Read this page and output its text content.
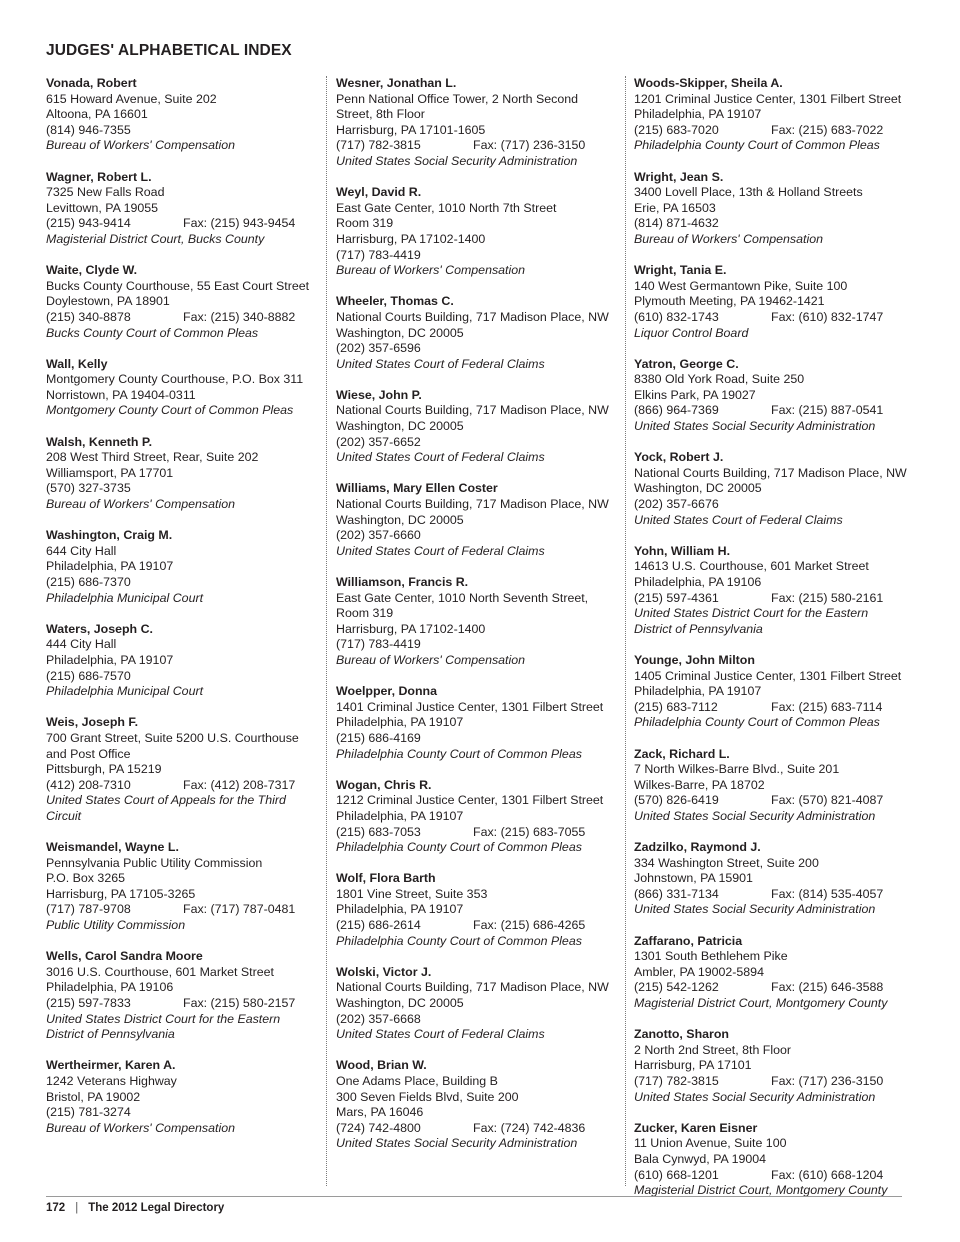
JUDGES' ALPHABETICAL INDEX
Vonada, Robert
615 Howard Avenue, Suite 202
Altoona, PA 16601
(814) 946-7355
Bureau of Workers' Compensation
Wagner, Robert L.
7325 New Falls Road
Levittown, PA 19055
(215) 943-9414	Fax: (215) 943-9454
Magisterial District Court, Bucks County
Waite, Clyde W.
Bucks County Courthouse, 55 East Court Street
Doylestown, PA 18901
(215) 340-8878	Fax: (215) 340-8882
Bucks County Court of Common Pleas
Wall, Kelly
Montgomery County Courthouse, P.O. Box 311
Norristown, PA 19404-0311
Montgomery County Court of Common Pleas
Walsh, Kenneth P.
208 West Third Street, Rear, Suite 202
Williamsport, PA 17701
(570) 327-3735
Bureau of Workers' Compensation
Washington, Craig M.
644 City Hall
Philadelphia, PA 19107
(215) 686-7370
Philadelphia Municipal Court
Waters, Joseph C.
444 City Hall
Philadelphia, PA 19107
(215) 686-7570
Philadelphia Municipal Court
Weis, Joseph F.
700 Grant Street, Suite 5200 U.S. Courthouse
and Post Office
Pittsburgh, PA 15219
(412) 208-7310	Fax: (412) 208-7317
United States Court of Appeals for the Third Circuit
Weismandel, Wayne L.
Pennsylvania Public Utility Commission
P.O. Box 3265
Harrisburg, PA 17105-3265
(717) 787-9708	Fax: (717) 787-0481
Public Utility Commission
Wells, Carol Sandra Moore
3016 U.S. Courthouse, 601 Market Street
Philadelphia, PA 19106
(215) 597-7833	Fax: (215) 580-2157
United States District Court for the Eastern District of Pennsylvania
Wertheirmer, Karen A.
1242 Veterans Highway
Bristol, PA 19002
(215) 781-3274
Bureau of Workers' Compensation
Wesner, Jonathan L.
Penn National Office Tower, 2 North Second
Street, 8th Floor
Harrisburg, PA 17101-1605
(717) 782-3815	Fax: (717) 236-3150
United States Social Security Administration
Weyl, David R.
East Gate Center, 1010 North 7th Street
Room 319
Harrisburg, PA 17102-1400
(717) 783-4419
Bureau of Workers' Compensation
Wheeler, Thomas C.
National Courts Building, 717 Madison Place, NW
Washington, DC 20005
(202) 357-6596
United States Court of Federal Claims
Wiese, John P.
National Courts Building, 717 Madison Place, NW
Washington, DC 20005
(202) 357-6652
United States Court of Federal Claims
Williams, Mary Ellen Coster
National Courts Building, 717 Madison Place, NW
Washington, DC 20005
(202) 357-6660
United States Court of Federal Claims
Williamson, Francis R.
East Gate Center, 1010 North Seventh Street,
Room 319
Harrisburg, PA 17102-1400
(717) 783-4419
Bureau of Workers' Compensation
Woelpper, Donna
1401 Criminal Justice Center, 1301 Filbert Street
Philadelphia, PA 19107
(215) 686-4169
Philadelphia County Court of Common Pleas
Wogan, Chris R.
1212 Criminal Justice Center, 1301 Filbert Street
Philadelphia, PA 19107
(215) 683-7053	Fax: (215) 683-7055
Philadelphia County Court of Common Pleas
Wolf, Flora Barth
1801 Vine Street, Suite 353
Philadelphia, PA 19107
(215) 686-2614	Fax: (215) 686-4265
Philadelphia County Court of Common Pleas
Wolski, Victor J.
National Courts Building, 717 Madison Place, NW
Washington, DC 20005
(202) 357-6668
United States Court of Federal Claims
Wood, Brian W.
One Adams Place, Building B
300 Seven Fields Blvd, Suite 200
Mars, PA 16046
(724) 742-4800	Fax: (724) 742-4836
United States Social Security Administration
Woods-Skipper, Sheila A.
1201 Criminal Justice Center, 1301 Filbert Street
Philadelphia, PA 19107
(215) 683-7020	Fax: (215) 683-7022
Philadelphia County Court of Common Pleas
Wright, Jean S.
3400 Lovell Place, 13th & Holland Streets
Erie, PA 16503
(814) 871-4632
Bureau of Workers' Compensation
Wright, Tania E.
140 West Germantown Pike, Suite 100
Plymouth Meeting, PA 19462-1421
(610) 832-1743	Fax: (610) 832-1747
Liquor Control Board
Yatron, George C.
8380 Old York Road, Suite 250
Elkins Park, PA 19027
(866) 964-7369	Fax: (215) 887-0541
United States Social Security Administration
Yock, Robert J.
National Courts Building, 717 Madison Place, NW
Washington, DC 20005
(202) 357-6676
United States Court of Federal Claims
Yohn, William H.
14613 U.S. Courthouse, 601 Market Street
Philadelphia, PA 19106
(215) 597-4361	Fax: (215) 580-2161
United States District Court for the Eastern District of Pennsylvania
Younge, John Milton
1405 Criminal Justice Center, 1301 Filbert Street
Philadelphia, PA 19107
(215) 683-7112	Fax: (215) 683-7114
Philadelphia County Court of Common Pleas
Zack, Richard L.
7 North Wilkes-Barre Blvd., Suite 201
Wilkes-Barre, PA 18702
(570) 826-6419	Fax: (570) 821-4087
United States Social Security Administration
Zadzilko, Raymond J.
334 Washington Street, Suite 200
Johnstown, PA 15901
(866) 331-7134	Fax: (814) 535-4057
United States Social Security Administration
Zaffarano, Patricia
1301 South Bethlehem Pike
Ambler, PA 19002-5894
(215) 542-1262	Fax: (215) 646-3588
Magisterial District Court, Montgomery County
Zanotto, Sharon
2 North 2nd Street, 8th Floor
Harrisburg, PA 17101
(717) 782-3815	Fax: (717) 236-3150
United States Social Security Administration
Zucker, Karen Eisner
11 Union Avenue, Suite 100
Bala Cynwyd, PA 19004
(610) 668-1201	Fax: (610) 668-1204
Magisterial District Court, Montgomery County
172 | The 2012 Legal Directory
